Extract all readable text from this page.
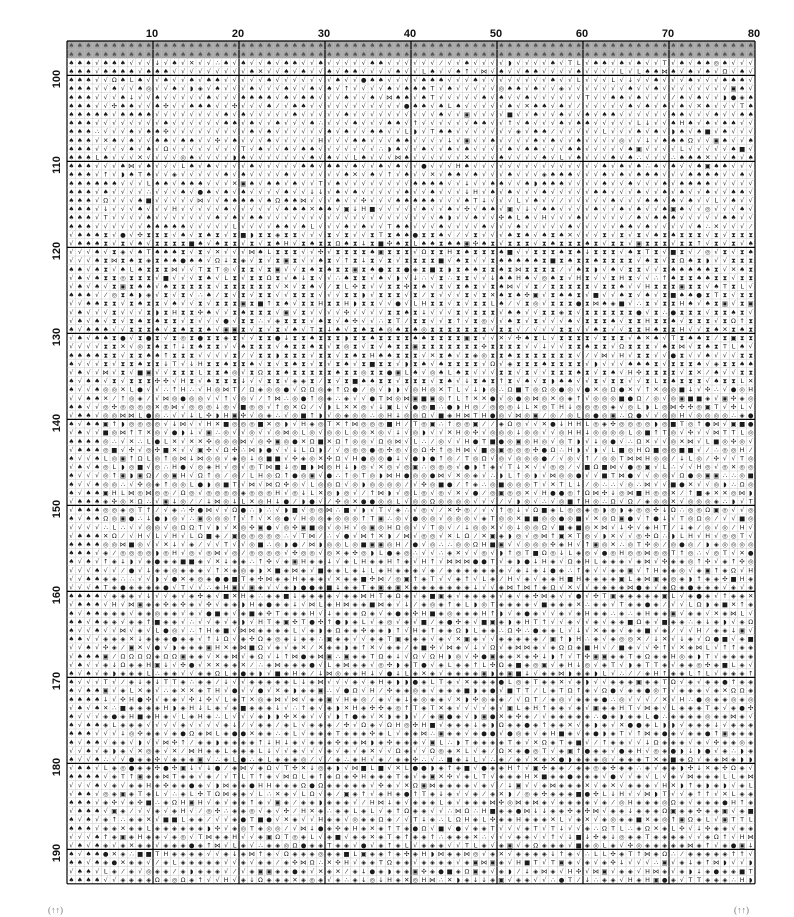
10	20	30	40	50	60	70	80
100
110
120
130
140
150
160
170
180
190
♠ ♠ ♠ ♠ ♠ ♠ ♠ ♠ ♠ ♠ ♠ ♠ ♠ ♠ ♠ ♠ ♠ ♠ ♠ ♠ ♠ ♠ ♠ ♠ ♠ ♠ ♠ ♠ ♠ ♠ ♠ ♠ ♠ ♠ ♠ ♠ ♠ ♠ ♠ ♠ ♠ ♠ ♠ ♠ ♠ ♠ ♠ ♠ ♠ ♠ ♠ ♠ ♠ ♠ ♠ ♠ ♠ ♠ ♠ ♠ ♠ ♠ ♠ ♠ ♠ ♠ ♠ ♠ ♠ ♠ ♠ ♠ ♠ ♠ ♠ ♠ ♠ ♠ ♠ ♠
♠ ♠ ♠ ♠ ♠ ♠ ♠ ♠ ♠ ♠ ♠ ♠ ♠ ♠ ♠ ♠ ♠ ♠ ♠ ♠ ♠ ♠ ♠ ♠ ♠ ♠ ♠ ♠ ♠ ♠ ♠ ♠ ♠ ♠ ♠ ♠ ♠ ♠ ♠ ♠ ♠ ♠ ♠ ♠ ♠ ♠ ♠ ♠ ♠ ♠ ♠ ♠ ♠ ♠ ♠ ♠ ♠ ♠ ♠ ♠ ♠ ♠ ♠ ♠ ♠ ♠ ♠ ♠ ♠ ♠ ♠ ♠ ♠ ♠ ♠ ♠ ♠ ♠ ♠ ♠
♠ ♠ ♠ √ ♠ ♠ ♠ √ √ √ ↓ √ ♠ √ ✕ √ √ ∴ ♠ √ ♠ √ √ ♠ √ ♠ ♠ √ √ ♠ √ √ √ √ √ ♠ ♠ √ √ √ √ √ √ ⁄ √ √ ♠ √ √ √ √ ◗ √ √ √ √ ♠ √ T L √ ♠ ♠ √ ♠ √ ♠ √ √ T √ ♠ √ ♠ ♠ ◎ ♠ √ √ √
♠ ♠ ♠ √ ♠ ♠ ♠ ♠ √ ♠ ♠ ♠ √ √ √ √ √ √ √ √ √ ♠ ✕ √ √ ♠ √ ♠ √ √ ♠ √ ♠ ♠ √ √ √ √ ♠ √ √ L ♠ √ √ ♠ ↑ √ ⋈ √ ♠ √ √ ♠ ♠ √ √ √ √ ♠ √ √ √ √ L √ L ♠ ♠ ⋈ ♠ √ ♠ √ ♠ √ Ω √ ♠ √
♠ ♠ ♠ √ √ Ω ♠ L ♠ √ √ ♠ √ √ ♠ √ ♠ ♠ √ √ √ √ √ ♠ √ √ √ √ √ √ √ ♠ √ √ ● ♠ ♠ √ √ √ √ ♠ ♠ ♠ √ √ √ ♠ √ √ √ √ √ √ √ √ ♠ √ √ L √ √ √ L √ ↓ √ √ ♠ √ √ √ ♠ √ √ √ ♠ ♠ ♠ √
♠ ♠ ♠ √ √ ♠ √ √ ♠ ◎ √ √ ♠ √ ◗ ◈ √ ♠ √ √ √ ♠ √ √ √ ♠ √ √ ♠ √ ♠ √ ↑ √ √ √ √ ♠ √ ♠ ♠ ♠ T √ ♠ √ √ √ √ √ ◎ ♠ ♠ √ ♠ √ √ ◈ √ √ √ √ √ √ √ ♠ √ √ ♠ √ √ √ √ √ √ √ √ ▣ ♠ √
♠ ♠ ♠ √ √ √ ♠ ↓ √ √ ♠ √ √ √ √ √ ♠ √ √ √ ♠ ♠ ♠ ♠ √ ♠ √ ♠ ♠ √ √ √ ♠ √ √ ♠ √ ⋈ ♠ ♠ √ ♠ T √ √ √ √ √ ♠ √ ♠ √ √ ♠ √ √ √ √ √ √ T √ √ ♠ ♠ √ ♠ √ √ √ ⁄ ♠ √ ♠ √ √ ◗ ● ◈ ♠
♠ ♠ ♠ √ √ ✣ ♠ ♠ √ √ ♠ ✣ √ √ ♠ ♠ ♠ √ √ ✣ √ √ √ ♠ ⁄ √ ♠ ♠ √ √ √ √ √ √ √ √ √ √ √ ● ♠ ♠ √ ♠ L ♠ √ √ √ √ √ ♠ √ ✕ ♠ ♠ √ ♠ √ ⁄ √ √ √ √ √ ♠ √ ♠ √ ♠ √ ♠ √ ✕ ♠ √ √ √ T ♠
♠ ♠ ♠ ♠ ♠ √ ♠ ♠ ♠ ♠ √ √ √ √ √ √ √ √ ♠ √ ♠ √ √ √ √ √ ♠ √ √ √ √ √ ♠ √ √ √ √ √ √ √ √ √ √ ♠ √ √ ▣ √ √ √ √ ■ √ √ ♠ √ √ ♠ √ √ ♠ √ ♠ ♠ √ √ √ √ √ √ ♠ ♠ √ √ √ ♠ √ √ ♠ ♠
♠ ♠ ♠ √ √ √ √ √ √ √ √ ♠ √ √ √ √ √ √ ♠ ♠ √ ♠ √ √ ♠ √ √ √ ♠ ∴ √ √ √ ♠ √ √ √ ♠ ♠ √ ↑ √ √ √ √ √ √ ♠ ♠ √ √ ↑ √ ♠ √ √ √ ♠ √ ♠ ♠ √ √ √ √ √ L ↓ √ √ ♠ H ♠ √ ♠ √ ♠ ♠ √ √
♠ ♠ ♠ ∴ √ √ √ ♠ √ ♠ ♠ ✣ √ √ √ √ √ √ √ √ √ ♠ √ ♠ √ √ √ √ √ √ ♠ √ ♠ √ √ ♠ ♠ √ √ L ◗ √ T ♠ ♠ √ √ √ √ √ √ √ ◈ √ ♠ ♠ ⁄ √ √ √ √ √ L √ √ √ ♠ √ ♠ √ ◗ ♠ √ ♠ ■ √ ♠ √ √ √
♠ ♠ ♠ √ ✕ ♠ √ ♠ √ √ ♠ ♠ √ ♠ ♠ √ √ ✣ √ ♠ √ √ √ ♠ √ √ √ √ √ H √ √ √ ♠ ♠ √ √ √ ♠ ♠ √ √ √ √ ↓ √ ▣ √ √ ♠ √ √ √ √ ♠ √ ♠ √ √ ♠ √ √ √ √ ◎ √ √ ↓ √ ♠ ♠ ♠ Ω √ √ ▣ ♠ √ √ ♠
♠ ♠ ♠ √ √ √ √ ♠ √ ♠ √ Ω √ √ √ √ √ √ √ √ T √ ♠ √ √ ♠ √ ♠ ♠ √ √ √ √ √ √ √ ∴ ◗ ♠ √ √ ♠ √ √ ♠ √ ♠ √ √ √ √ ♠ √ ♠ ♠ √ √ √ ♠ ♠ √ √ √ √ √ ♠ ▣ √ √ √ √ L √ √ √ √ √ ♠ ■ √
♠ ♠ ♠ L ♠ √ √ √ ✕ √ √ √ √ ◎ ♠ √ √ √ √ ◗ ♠ √ √ √ √ √ √ √ ♠ √ ♠ √ √ L ♠ √ √ √ ⋈ ♠ √ √ √ √ √ √ ✕ √ √ √ ♠ √ √ √ √ ♠ √ L √ ♠ √ √ √ ♠ √ ♠ ∴ √ √ √ ∴ ♠ ♠ ♠ ✕ √ √ ♠ √ ♠
♠ ♠ ♠ √ √ √ ♠ ⋈ √ ♠ √ √ √ L ♠ √ ♠ √ √ √ √ ♠ √ √ √ √ √ ♠ ♠ √ ♠ ♠ √ ♠ √ √ ♠ √ ♠ √ √ ● √ √ √ H ♠ √ √ √ √ √ √ √ √ √ √ √ √ √ √ √ ♠ √ ♠ √ ♠ ∴ ♠ √ ♠ √ √ ♠ ▣ ♠ ♠ √ √ √
♠ ♠ ♠ √ ↑ √ ◗ ♠ T ♠ √ √ ◈ √ √ √ √ √ ♠ √ ♠ √ √ √ √ ♠ √ √ √ √ √ √ ♠ ✕ √ ♠ √ ↑ √ ♠ √ √ ✕ √ ♠ ♠ √ ♠ √ √ √ ♠ √ √ √ ◈ ♠ ♠ ♠ √ √ √ ♠ √ ♠ √ ♠ ♠ ♠ √ √ √ ♠ ♠ ♠ ♠ √ √ ♠ √
♠ ♠ ♠ ♠ ♠ ♠ √ √ √ L ♠ ♠ √ ♠ ♠ ♠ √ √ √ ✕ ▣ ♠ √ ♠ ♠ √ ♠ √ √ T √ ♠ √ √ √ √ √ √ √ √ ♠ ♠ ♠ ♠ √ √ ↓ √ √ ♠ ♠ √ √ ♠ ◗ ♠ ♠ ♠ √ √ √ √ ♠ √ √ ♠ √ √ √ ♠ √ ♠ ♠ ♠ ♠ √ √ √ √ √
♠ ♠ ♠ √ ♠ √ √ √ √ ∴ √ √ √ ♠ √ ● ♠ √ ♠ √ ♠ √ √ √ √ ♠ √ √ ↓ ↓ √ ♠ √ ♠ √ √ √ √ √ ♠ √ √ ♠ √ √ √ ↓ H √ ♠ √ ♠ √ √ √ ♠ √ √ √ √ √ ♠ ♠ √ √ √ ♠ √ √ ♠ √ ♠ √ √ ♠ √ √ ♠ ♠ √
♠ ♠ ♠ √ Ω √ √ √ ♠ ■ √ √ √ √ √ ⋈ √ √ ♠ ♠ ♠ ♠ √ ♠ Ω ♠ ♠ ⋈ √ √ √ ♠ √ √ ✣ √ √ √ ♠ ♠ ♠ ♠ ♠ √ √ √ ♠ T ↓ √ √ √ L √ ♠ √ √ ⁄ √ √ √ √ √ ♠ √ √ √ ♠ ♠ √ ♠ √ ♠ √ √ L √ ♠ √ √
♠ ♠ ♠ √ ↓ √ √ √ ♠ √ √ √ H √ √ √ √ √ ♠ √ √ √ √ √ √ ♠ ♠ ♠ ✕ ♠ ♠ √ ▣ ↓ H ■ √ √ √ √ √ ♠ √ √ ♠ √ ✣ √ ♠ ♠ √ ▣ √ ↓ √ ♠ ♠ √ √ √ √ ♠ √ √ ♠ √ ♠ √ √ ♠ ▣ ♠ √ √ ◎ √ √ √ ♠ √
♠ ♠ ♠ √ T √ √ √ √ ♠ √ √ √ √ √ √ √ ♠ √ ♠ √ ♠ ♠ √ √ √ √ √ √ √ √ √ √ √ √ √ √ √ √ √ √ √ √ ♠ ◗ √ √ ♠ √ √ ✣ ♠ L ♠ √ H √ √ √ ♠ √ √ √ √ √ ⁄ ♠ √ ♠ ♠ ♠ √ √ √ √ √ ♠ ♠ √ √
♠ ♠ ♠ √ √ √ √ √ √ ♠ ♠ ♠ ♠ ♠ √ √ √ √ √ L √ √ √ √ ♠ ♠ √ ♠ L √ √ √ ♠ √ ♠ √ √ T ♠ ♠ √ √ √ ♠ √ √ √ √ ♠ √ √ √ ♠ √ √ √ √ √ ♠ √ √ √ √ √ ♠ ♠ √ ♠ √ √ √ √ √ ♠ ∴ ✕ √ √ √ ⁄
√ ♠ ♠ ♠ ⧗ √ ● √ ✣ ⧗ ⧗ ⧗ √ ♠ √ ⧗ ♠ ⧗ √ ⧗ ■ ◗ ⧗ ⧗ ◈ ⧗ ⧗ √ √ √ ⧗ √ ⧗ √ √ ⧗ T ⧗ ♠ ♠ ● ⧗ ⧗ ♠ √ ⁄ √ ⧗ √ √ √ ♠ ⧗ ♠ √ ♠ ⧗ ♠ ✕ √ √ √ ⧗ √ ⧗ √ ⧗ √ ♠ ⧗ ♠ ⧗ ⧗ ⧗ √ ⧗ √ ⧗ ⧗ ⧗
√ ♠ ♠ ♠ ⧗ √ ⧗ √ ♠ √ ⧗ ⧗ ⧗ ⧗ ■ ♠ √ ♠ ⧗ ⧗ √ ⧗ √ ⧗ ♠ H √ ⧗ ♠ ⧗ ⧗ Ω ♠ ⧗ ↓ ⧗ ■ ✣ ♠ ⧗ L ♠ ♠ ⧗ ♠ ♠ ▣ ✣ ♠ ⧗ √ ⧗ ⧗ ⧗ √ ⧗ ♠ ⧗ ⧗ ⧗ ♠ ⧗ √ ⧗ ⧗ √ ▣ ⧗ ⧗ ⧗ √ ⧗ ⧗ ↑ √ ⧗ √ ⧗ √ ♠
√ √ √ ♠ √ ⧗ ◈ √ ♠ T ♠ ♠ ♠ ⧗ √ ⧗ √ ✕ √ √ √ ⋈ ♠ L ⧗ ⧗ ⧗ √ √ ✣ √ ⧗ ⧗ ⧗ ⧗ ♠ ▣ ⧗ ⧗ ⧗ √ Ω ⧗ ⧗ H ⧗ ♠ ⧗ ⧗ ⧗ ♠ ■ √ √ ⧗ ⧗ ⧗ ♠ ⧗ ♠ ↓ ⧗ ⧗ ⧗ √ ♠ ⧗ T ⧗ √ ■ ⧗ √ ⁄ ◎ √ ⧗ √ ⧗ ♠
√ √ √ ♠ ⧗ ⋈ ⧗ ♠ ⧗ ◈ ⧗ ♠ ♠ ● ♠ ♠ √ Ω ↓ ⧗ ◈ √ ⧗ √ ⧗ ▣ ⧗ √ √ ♠ ⧗ √ ↑ ⧗ ↓ ⧗ √ ⧗ √ ⧗ ⧗ ⧗ ⧗ ■ √ ♠ ⧗ √ √ ⧗ ♠ ♠ ♠ ♠ ♠ ⧗ ■ ⧗ ♠ ⧗ ⧗ ♠ ⧗ ⧗ ⧗ ⧗ √ ♠ ⧗ √ ⧗ Ω ♠ ⧗ ◗ √ √ ⧗ ⧗ ⧗
♠ ♠ √ ♠ ⧗ √ ♠ L ♠ ⧗ ⧗ ⧗ ⋈ √ √ T ⧗ T ◎ √ ⧗ ⧗ √ ⧗ ▣ √ √ ⧗ ♠ ⧗ ♠ ⧗ ⧗ ▣ ⧗ ♠ ● ⧗ ⧗ ● ◈ ⧗ ■ ⧗ ◗ ⧗ ♠ ♠ ⧗ ⧗ ♠ ⧗ ⋈ ⧗ ⧗ ⧗ ⧗ ⁄ √ ♠ ⧗ ◗ √ ♠ √ ⧗ ⧗ √ √ ⧗ ♠ ♠ ♠ ♠ ♠ ⧗ √ ✕ ♠ ⧗
√ ♠ √ ♠ ⧗ ⧗ ◎ ⧗ ⧗ ⧗ √ ■ √ √ √ ⧗ ♠ √ L ⧗ √ ⧗ ⧗ Ω ⧗ √ ♠ ↓ ⧗ √ √ ∴ ♠ ⧗ ⧗ √ ♠ √ ◗ √ ↓ ∴ √ ⧗ ∴ ⧗ ⧗ √ √ ↓ ♠ ♠ H ♠ √ ◎ ♠ ⧗ √ H ⧗ √ √ ⧗ H ⧗ √ √ ∴ ↑ ♠ ⧗ ⧗ ♠ ♠ ⧗ ⧗ √ ⧗ ⧗
√ ♠ √ ♠ √ ⧗ ▣ ⧗ ♠ ♠ √ ♠ ⧗ ⧗ ⧗ ⧗ ⧗ √ ⧗ ⧗ ⧗ ⧗ ⧗ ⧗ √ ✕ √ ⧗ ♠ √ ⁄ ⧗ L ✣ ⧗ √ √ ⧗ ⧗ ✣ ⧗ ♠ √ ⧗ √ ⧗ ♠ ⧗ √ ⧗ ♠ ⋈ √ √ ⧗ ⁄ ⧗ ⧗ ⧗ ⧗ ⧗ √ ⧗ ⧗ ♠ √ √ H ⧗ ⧗ ⧗ ▣ ⧗ ⧗ √ ♠ T ⧗ L √
♠ ♠ ♠ √ ⁄ ◎ ⧗ ♠ ◗ ◈ √ ⧗ √ ⧗ √ ∴ ♠ ⁄ ⧗ √ ⧗ √ ⧗ ⧗ √ √ ⧗ ⧗ ⧗ √ √ √ ⧗ ⧗ ◗ √ ⧗ ⧗ ⧗ √ ⧗ ⁄ ⧗ √ √ √ ⧗ √ ⧗ ✕ ♠ ⧗ ♠ ✣ ▣ √ ⧗ ♠ ♠ ⧗ √ ■ √ √ ♠ ⧗ √ ♠ √ ⧗ ■ ♠ ♠ ● ⧗ T ⧗ √ ⧗ ⧗
√ √ ♠ ♠ ⧗ ⧗ √ ⧗ ♠ ⧗ ⧗ √ ♠ √ √ ⧗ √ ⧗ ⧗ ⧗ ▣ ⧗ ■ ↑ ⧗ ♠ √ ⧗ ⧗ H ⧗ ⧗ H ◗ ⧗ ⧗ √ √ ● √ L H ⧗ ⧗ √ ⧗ √ ⧗ ⧗ L ♠ ⁄ √ ⧗ ◎ √ ⧗ ⧗ ⧗ ● ⧗ ⋈ ♠ ◈ ■ √ ∴ ⧗ √ ⧗ ⧗ H ♠ √ ♠ ⧗ ▣ √ ⧗ ▣
√ ♠ √ √ √ ⧗ √ √ √ ⧗ ◗ ⧗ H ⧗ ⧗ ✣ ♠ √ √ ⧗ ♠ ⧗ ⧗ ⧗ √ ▣ √ ⧗ √ √ √ √ ✣ √ √ √ √ ⧗ ⧗ ♠ ⧗ ↓ √ √ √ ⧗ √ ⧗ ⧗ ⧗ √ ♠ ♠ √ √ ⧗ ⧗ ◈ ⧗ √ ⧗ ⧗ ⧗ ⧗ ⧗ ⧗ ● √ ⧗ ∴ ● ⧗ ⧗ ⧗ √ ⧗ ⧗ ♠ ⧗ √
√ ♠ √ ♠ √ ⧗ √ ⧗ ♠ ⧗ ♠ ⧗ ⧗ √ ⧗ √ √ √ ● √ ⧗ ⧗ ∴ √ ◈ ⧗ ⧗ ⧗ √ ♠ ⧗ √ ♠ ✣ √ √ ∴ ⧗ T ⁄ ⧗ ⧗ √ √ ⧗ ↑ √ ⧗ ◎ √ √ ♠ ⧗ √ ⧗ √ √ √ ♠ √ ⧗ ⧗ ⧗ ♠ √ ⧗ ⧗ H ⧗ ⧗ ♠ √ ⧗ ⧗ ⧗ √ ⧗ Ω ↑ ⧗
♠ √ ♠ ♠ ♠ √ √ ⧗ ⧗ ⧗ ♠ √ ⧗ ♠ ⧗ ⧗ ♠ √ ▣ ▣ ⧗ √ ⧗ √ ⧗ √ ♠ √ T ⧗ ↓ ♠ √ ⧗ ♠ ⧗ ♠ ◎ ♠ ⧗ ♠ ◎ ⧗ ⧗ ⧗ ⧗ ⧗ ⧗ ⧗ √ ⧗ ⧗ √ ⁄ √ √ √ ⧗ ⧗ √ √ ♠ ⧗ √ √ ⧗ ⧗ H ♠ ⧗ ⧗ H √ √ ⧗ ♠ ✕ ⧗ ♠ ⧗
√ ♠ √ ♠ ♠ ⧗ ● √ ⧗ ● ⧗ √ ⧗ ◎ ⧗ ● ⧗ ⧗ ◈ ⧗ √ √ ⧗ ⧗ ● ↓ ⧗ ⧗ ♠ ⧗ ⧗ ⧗ ◗ ⧗ ⧗ ♠ ⧗ ⧗ ⧗ ⧗ ♠ ♠ ⧗ ⧗ ⧗ ⧗ ▣ ⧗ √ √ ✕ √ ✣ ♠ ⧗ L √ ⧗ ⧗ ⧗ ⧗ √ ⧗ ⧗ ⧗ √ ♠ ✕ ♠ √ T ⧗ ♠ ♠ ⧗ ⁄ ⧗ ▣ ⧗ ⧗
√ √ √ √ ⧗ ⧗ ✕ √ ◎ ⧗ ♠ ⧗ ↑ ↓ ⧗ ♠ ⧗ ⧗ √ √ ♠ ⧗ ⧗ ⧗ √ ♠ ⧗ ⧗ ♠ ⧗ √ ⧗ ◎ ⧗ √ ⧗ √ ♠ ⧗ ⧗ ▣ ⧗ ⧗ ⧗ ⧗ ⧗ ⧗ ⧗ ✣ ⧗ ⧗ ⧗ ⧗ √ √ ↓ √ √ ⧗ ⧗ ♠ ⧗ ⧗ √ Ω ⧗ ⧗ ⧗ √ ♠ ⧗ ⋈ √ ⧗ ♠ ⧗ T L ♠ √
♠ ♠ ♠ ♠ ⧗ ⧗ √ ⧗ ⧗ ♠ ♠ ↑ ⧗ ⧗ ⧗ √ √ √ √ ⧗ ⁄ √ ⧗ ⧗ ◗ ⧗ ⧗ ⧗ √ ⧗ ⧗ √ ⧗ ♠ ⧗ H ♠ ♠ ⧗ ⧗ ⧗ √ ✕ ⧗ ♠ √ ⧗ ◈ ◎ ⧗ ⧗ ♠ ⧗ ⧗ ⧗ ⧗ ⧗ ⧗ ⧗ √ ⁄ √ ⋈ √ H √ ⧗ ⧗ √ √ ● ⧗ √ √ ♠ √ √ √ ⧗ ⧗
♠ √ √ √ ⧗ √ ⧗ ⧗ ♠ ⧗ ⧗ ↓ T √ ↓ H ⧗ ⧗ ♠ ⧗ ⧗ ♠ √ ⧗ √ ⧗ ♠ ⧗ √ ⧗ √ ⧗ ♠ √ ⧗ ■ ⧗ ⧗ √ ◗ ⧗ ♠ √ ♠ ⧗ ⧗ ⧗ ⧗ √ Ω √ ◈ ⧗ ⧗ ⧗ ♠ ⧗ ⧗ ⧗ ⧗ √ ◗ √ √ √ ♠ ♠ ♠ ⧗ √ ⧗ ⧗ ⧗ ♠ √ ◈ ⧗ ⧗ ♠ ♠
√ ♠ √ √ ⋈ √ ⧗ √ ■ ▣ √ √ ⧗ ⧗ ⧗ L ⧗ ⧗ ♠ ◎ √ ⧗ Ω ⧗ ⧗ ♠ ⧗ ⧗ ⧗ ⧗ ⧗ ♠ ⧗ ⧗ ◎ ⧗ ⧗ ● ▣ L ♠ √ ◎ ♠ L ♠ ⧗ √ √ √ ⧗ ⧗ √ ⧗ √ √ ⧗ ⧗ ⧗ ♠ ⧗ √ ⧗ ♠ √ H ✣ ⧗ ⧗ ⧗ ⧗ √ ⧗ ✕ ⁄ ♠ √ √ ⧗ ⧗
♠ √ ♠ ♠ √ ⧗ √ ⧗ ⧗ ⧗ ✣ ✣ √ H ⧗ √ ♠ ⧗ ⧗ ⧗ ↓ √ √ ⧗ ⧗ √ ◈ ◈ ⧗ ⁄ ⧗ √ ⧗ ■ ♠ ♠ ⧗ ⧗ √ ⧗ ⧗ ⧗ √ ⧗ ♠ √ ↓ ⧗ ♠ ⧗ ↑ ⧗ √ ♠ √ ⧗ ◗ ♠ ♠ √ √ ⧗ √ ⧗ ⧗ √ √ ⧗ L ⧗ ♠ ⧗ ⧗ ⧗ √ ♠ ⧗ ⧗ L ✕
♠ √ √ ♠ ◎ ◎ ✕ L ● √ √ ∴ ↑ H ∴ √ H ◎ ⋈ T ⁄ Ω ◈ ◎ ◎ ● √ Ω Ω ◎ ◈ ↑ Ω ● ⁄ ◎ √ ◗ ◗ √ ◎ H ◎ ✕ T L √ ↓ ◗ ◎ ∴ Ω ■ T ◎ Ω ◎ ● ◎ √ ● ✕ ◎ Ω ● ✕ √ ↑ ✕ ◎ ◎ ■ ↓ √ ✣ ∴ √ ● ◎ H
√ √ ♠ ♠ ✕ ⁄ ↑ ◎ ◈ ⁄ √ ⋈ ◎ ● ◎ ◎ √ √ ↑ √ ◎ √ ⁄ ↑ ⋈ ∴ ◎ ● ↑ ◎ ◈ ∴ ◈ √ √ ● T ⋈ ◎ ⋈ ▣ ■ ▣ ◎ ↑ L ↑ ✕ ✕ ● √ ◎ ● ◎ ⋈ ◎ ✕ ◎ ◈ ↑ √ ◎ ◎ ◎ ■ ● Ω ⁄ ◎ √ ◎ ▣ ■ ■ ◈ √ ▣ ✣ ◈ ◎
♠ ♠ √ √ ◎ ✣ ◎ ◎ ◎ ◎ ✕ ◎ ⋈ √ ◎ ◎ ◎ ↓ ◎ √ ■ ◎ ◎ √ ↑ ◎ ✕ Ω ⁄ √ ◗ L ✕ ✕ ◎ √ ↓ ▣ L √ ● ◎ ■ ∴ ● ◗ H ◎ ⁄ ◎ ◎ ◎ ↓ L ✕ ◎ T H ↓ ◎ ◎ ◎ ◎ ◈ √ ◎ L ◗ L ◎ ⋈ ✣ ✣ ◎ ▣ T √ ✣ L √
√ ♠ ♠ √ ◎ ◎ ⋈ ⋈ L ● ◎ ∴ √ √ ↓ L ✣ ◗ H ▣ ✣ √ ◎ ◈ ∴ √ ◎ ■ ↑ ◗ √ ◎ ◈ ◎ ◎ ∴ ◎ H ↓ ◎ ◎ Ω √ ■ ◈ H ⋈ T H ● ◎ √ ⋈ ◎ ▣ ⁄ ◎ ⁄ ◎ L ◎ ● ◎ ▣ ∴ Ω ● √ √ ◎ ◎ H √ ◎ ◎ ◎ ◎ ∴ ◈ ●
♠ √ ♠ ♠ ▣ ↑ ◗ ◎ ◎ ◎ ◎ √ ↓ ⋈ √ √ H ✕ ■ ◎ ◎ ◎ ■ ✕ ◎ ◗ √ H ◈ ◎ T ✕ ↑ ⋈ ◎ ◎ ◎ ■ H ⁄ T ◎ ▣ ∴ ↑ ◎ ◎ ▣ ⁄	⁄ ◈ Ω ◎ √ √ ✕ ● ↓ H H L ◎ ◈ ✣ ◎ ◎ ◎ ◎ ◗ ◎ ■ T ◎ ↑ ● ⋈ √ ▣ ■ ●
√ ♠ √ √ ■ ◎ ⋈ ↑ T ✕ ◎ √ ● ◗ ↓ √ ▣ ∴ ◎ √ √ ◎ √ √ ◎ ⋈ ◎ L ◎ √ ◎ ◎ L ◎ ◎ ✕ ◎ √ ↓ √ ◎ ◗ √ √ ✕ H ◎ ✣ √ ◎ ◎ ◎ ↓ ◎ ◎ √ √ ◎ H H ↓ ◎ ◎ ◎ ◎ L ◎ ■ ↑ T ◎ √ ✣ √ √ ⋈ T T L ◎
♠ ♠ ♠ ♠ ◎ ∴ √ ✕ ∴ L ● L ✕ √ ✕ ✕ ✣ ◎ ◎ ◎ ⋈ √ ◎ ✣ ▣ ◎ ● ✕ Ω ■ ✕ Ω ↑ ◎ ◎ √ Ω ◎ ⋈ √ L ∴ ⁄ ◎ √ √ H ● T ■ ● ◎ ▣ ◎ H ◎ √ ◎ T ◗ √ ↓ ◎ ● √ ∴ Ω ✕ √ √ ◎ ✕ ⋈ √ L ■ ◎ ✣ ◎ √
√ ♠ ♠ ♠ ◎ ■ √ ✣ √ ◎ ✣ ■ ✕ √ √ ▣ ✣ √ Ω ✣ ∴ ⋈ ◗ ● √ √ ↓ L Ω ◗ ⁄ √ ◎ ◎ ◎ ● ◎ ✣ ◎ √ ◎ Ω ✣ ↑ ◎ H ⋈ √ ■ ◎ ▣ ◎ ◎ ◎ ✣ ● Ω ∴ H ◗ √ ◗ √ L ■ ◎ H Ω ■ ◎ ◎ ■ ■ √ ⁄ ∴ ◎ ◎ H ⁄
♠ √ √ ♠ L ◎ ▣ ↑ Ω L ◎ ↑ ◎ ⋈ ↓ ⋈ ◎ ◎ √ ◈ ◎ ↓ ◎ ■ ■ √ ✣ ◈ ◎ ✕ ✣ Ω √ H ● ◎ ◎ ● ↓ √ ● ◗ ● ↑ ◎ ⁄ T ◎ Ω √ ◎ √ ◎ ◎ ◎ ● ⁄ √ ◎ √ ↑ ⁄ ◎ ◎ T ⋈ ⋈ H ◎ ◎ ⁄ ↓ L ◎ ⁄ ✣ √ √ T ◎
√ ♠ √ ♠ ◎ L ◗ ◎ ■ √ ◎ ∴ H ● √ ◎ ◈ H √ ◎ √ ◎ T ⋈ ■ ↓ ◎ ■ ◗ ⋈ ◎ H ↓ ◗ ◎ √ ✕ ◎ √ ◎ ▣ ∴ ◎ ◎ ◎ √ ● ◗ ↑ ◈ √ T ↓ ✕ √ √ ◎ ◎ ⁄ √ ■ Ω ■ ⋈ √ ● ◎ ▣ √ L ∴ √ √ H ◎ √ ◎ ✕ ◎ ◎
♠ √ √ √ ◎ ↑ ▣ ◗ ▣ Ω ⁄ ◎ ▣ H √ Ω ↑ ◎ ⁄ ◎ ⁄ L H ◎ Ω ↑ ● ◎ ▣ √ ● ∴ ↑ ◎ T ◎ ◗ ⋈ H ● ◎ ◎ ● ⋈ √ ✕ ◎ ◈ √ ∴ ◗ L ↑ ◎ ◗ √ ⋈ ◎ ◎ ● √ √ ■ T ⋈ ● √ √ ◎ ◎ √ Ω ● ◎ ▣ ▣ ∴ ∴ ◎ ■
♠ √ √ ♠ ◎ ◎ ∴ √ ✣ ◎ ◈ ↑ ◎ ◎ L ● ◗ ◎ ■ T √ ⋈ √ ⋈ Ω ✣ ◎ √ L ◎ ◎ Ω √ ◎ ◗ ◎ ◎ ◎ ◎ ⁄ √ ✣ ◎ ■ ● ⁄ ↑ ◈ ∴ ◎ ■ ◎ ◎ ◎ T √ ✕ T L ↓ ⁄ ◎ ∴ ∴ √ ◎ ∴ ⋈ √ √ ■ ● ✕ √ √ ◎ ◗ ∴ Ω ◎
♠ √ ♠ ♠ ▣ H L ⋈ ◎ ⋈ ◎ ◎ ⁄ Ω ◎ √ ◎ ◎ ◎ ◎ ◈ ◎ ◎ ◎ H √ ◎ ↓ L ✕ ◎ ◗ ◎ √ ⁄ ↑ ⋈ ◗ √ ◎ L ◎ √ ◎ √ ✕ √ ● ⁄ ◎ ▣ ◎ ◎ ✕ √ H ● ● ◎ ↑ Ω ⋈ ✣ ↓ ◎ ⋈ ■ H ◎ ◎ ✕ ⁄ ↑ ■ ◈ ✕ ✕ ◎ ⋈ ◗
√ ♠ ♠ ♠ ◈ ✣ ◎ ✕ Ω ∴ √ ▣ ↓ ◎ ⁄	⁄ ↓ ⋈ ◎ ↓ L ✕ ◎ H ↓ ● ⁄ ◗ ● √ ⁄ ✣ ◎ ✕ ● ● ◎ ◎ L √ ◎ ◎ Ω ◎ ◎ ◎ ◎ √ √ √ ⁄ √ ◗ ◎ √ ∴ √ ◎ ■ ↑ H ◎ ∴ Ω √ Ω ⁄ ◈ ◎ ◎ ✕ √ ◎ ◎ ◎ ◈ ∴ ◗ √ T
√ ♠ ♠ ♠ ◎ ◎ ◈ ◎ T ↑ ⁄ √ ◈ ∴ ✣ ● ⋈ √ √ Ω ● ∴ ◗ ∴ √ ◗ ■ √ ◎ ◎ ⋈ ∴ ■ √ ◗ √ T √ ◈ ∴ √ ◎ √ ⁄ ✕ ✣ ◎ ⁄ √ √ ↑ ◎ ↓ √ Ω ■ ◈ L ◎ ◎ ◈ ◎ ◗ ◎ ◗ ◈ ◎ ◎ ✣ ↓ Ω ∴ ◎ ◎ Ω ▣ ◎ √ √ ◎
♠ √ ♠ ♠ Ω ◎ ▣ ● ∴ ↓ ● ◗ ◎ √ ∴ ▣ ◎ ◎ ◎ ↑ √ ↑ √ ✕ ◎ ● √ H ◎ ◎ ◈ ◎ ◎ ◎ ↑ T ▣ ∴ ◎ √ ● ◎ ◎ √ ◎ ◎ ◎ √ ◈ T ◎ ◎ ✕ ■ ■ ◎ ◎ ● ◎ ■ √ ✕ ◎ Ω ▣ ● √ ↑ ● ↓ √ T ◎ Ω ◎ ⁄ √ √ ■ ◎
√ √ √ √ ∴ L ∴ √ √ ◎ ◎ √ ◎ Ω Ω T √ ◗ √ ✕ ◎ ✣ ▣ ● √ ◎ ✣ ▣ ■ ◎ √ ◎ H √ ◎ ▣ ◎ H Ω ◎ √ √ T ◎ √ ⁄ ↓ ◎ ◎ ✕ √ ◎ ↓ ◎ ◎ Ω √ ■ ◈ ■ ◎ ✕ ⋈ √ ↓ ✣ √ ◈ H T ⁄ ↓ ◈ ⁄ ◎ √ ◎ ⁄ H √
√ ♠ ♠ ♠ ✕ Ω ⁄ √ H √ L √ H √ L Ω ■ ◈ ⁄ ▣ ◎ ◎ ◎ ◎ ◎ ∴ √ T ⋈ ⁄ ∴ √ ● √ ⋈ ↑ ✕ ◗ ⁄ ⋈ √ ◎ ◎ √ ✕ L Ω ⁄ ✕ ▣ ◈ ◗ ◎ √ ◎ ⋈ ↑ ▣ ✕ T ◎ √ ◗ ✕ √ √ ◎ ✣ Ω ∴ ◗ L H √ H √ ◎ ◎ T √
♠ ♠ ♠ ♠ ◎ ◎ ⋈ ■ ◎ √ √ ✕ ↓ √ ◈ ⁄ √ √ T √ √ ◎ ■ ∴ ◎ ◗ ● ⁄ ⋈ ◗ ◎ ◎ L ◎ ■ ▣ ▣ ◎ H ⁄ ● √ ◎ ∴ ∴ ◎ ◎ Ω H ■ ▣ √ √ ◎ ◎ ◎ ✣ ◈ H √ ↑ ▣ ◎ ✕ ∴ ◎ T ✣ ◎ ⁄ ◎ ● ◎ ⁄ ◗ ◈ ◎ ◎ ◎ ◎
♠ ♠ ♠ √ ◈ ⁄ ◎ ◎ ◎ ◎ ◗ ◎ H √ ◎ √ ◎ ⋈ √ ◎ ⁄ ◎ ◎ ◎ ◎ √ ✣ ◎ ◎ √ ◎ ✕ ◈ ✣ ◎ ◗ L ● ◈ ◎ ∴ √ √ ∴ ◈ ✕ √ √ ◎ √ ◗ ↑ ◎ T ■ Ω ◎ ↓ L ◈ ◎ √ ● ◎ H ◎ ◎ ⋈ ◎ ◎ T ↑ ◎ ∴ √ ◎ T √ ✕ ●
♠ √ ♠ √ ↑ ◈ ↓ ◗ √ ◈ ● ◈ ◈ ■ ■ ◈ √ ✕ ↓ ◈ ◈ ∴ ↑ ✣ √ ◈ ▣ H ◈ ◈ ↓ √ ◈ L H ◈ ◈ H ↑ ◈ √ H ↑ √ ⋈ ⋈ ⋈ ● ● T √ ◈ ◗ ● ↓ H ◈ √ Ω ◈ H L ◈ ◈ ◈ √ ◈ ⋈ √ ✣ ◈ ◈ ◎ ↑ ✣ √ ◈ ↑ ✣ ◎
√ √ √ ♠ √ √ ⁄ ● √ ↓ ◈ ◈ ◎ ◈ ◈ ◈ √ ↑ ✕ ◈ ◎ ◈ ◗ ✕ ■ ◈ ⋈ ◈ √ ■ ◈ ◈ L ◈ ↓ L ◈ H ◈ ◈ ◈ √ ◈ ⁄ ◈ ◈ ◈ ◈ ◈ ◈ ◈ √ ◈ ↓ ◈ ↓ ● ◈ ∴ ↑ ◈ √ √ ◈ ◈ ▣ √ ↑ H ◈ ◈ ◎ √ ◈ ▣ ↑ ◈ Ω √ H
√ √ ♠ ♠ ◈ ◈ ∴ ∴ √ √ ◗ √ ● ✕ ◈ ◎ ◈ ● ● ■ T ◈ ✣ ⋈ ◈ ◈ H ◈ ◈ ◈ √ ✕ ◈ ◈ ■ ✣ ⋈ ⁄ ◎ ▣ ↑ ◈ T √ √ ◈ ↑ √ L ◈ ⁄ H √ ◈ √ ◈ ◈ H ■ H ◈ ◈ ◈ ◈ ▣ L ◈ ⋈ ▣ ◈ ◎ ◈ ◗ ↑ ◈ ◈ ✣ ■ H ◈
√ √ √ ♠ T ◈ ● ◈ ◈ ◈ ◈ ● √ T √ √ ∴ ◈ H ▣ √ ▣ ◈ √ √ ◈ ◗ ● ● ◈ ■ ↓ ◈ ◈ T ◈ ▣ ◈ ▣ ✕ ◈ ◈ ◈ ◈ ◈ ◈ ◈ ↓ √ √ ◈ ⋈ ↑ ⋈ ↑ ◈ Ω √ ✕ √ √ ◈ ◈ ◈ ◈ ⋈ ● ◈ √ ◈ Ω ◈ ● ◈ ◈ ◈ √ ◈ √ ◈
♠ ♠ ♠ ♠ √ ◈ ◈ ◈ √ ↓ √ √ ◈ √ ◈ ✣ ◈ √ ■ ✕ H ◈ ∴ ◈ ◈ ■ ↓ ◈ ◈ ◈ ◈ √ ◈ ◈ ⋈ H T ◈ Ω ◈ √ ◈ ■ ▣ ◈ √ ◈ ◈ ◈ ◈ √ ◈ √ ◈ ✣ ⋈ ◈ √ √ ● √ ✣ T ▣ ◈ ◈ ◈ ◈ ◈ ▣ L √ ◈ ● ◈ √ ↑ ◈ ◈ ✕
√ ♠ ♠ ♠ √ H √ ⋈ ▣ ◈ ◈ ✣ ◈ ✣ ◈ √ ✣ √ ◈ ◈ ◗ H ◈ ● ◈ ◈ ↓ √ ⋈ L ◈ H ⋈ ◈ ◈ ■ ⋈ ◈ √ ↓ ⁄ ◈ ◎ ◈ ↑ ◈ L ◗ ◎ T ◈ ◈ ◈ ◈ √ ■ ◈ ◈ ◈ ✕ ∴ ◈ ◈ √ T ◈ ◈ ● ◈ ⁄ √ √ L Ω ◗ ◈ ■ ✕ ↑ ◈
♠ √ ♠ ♠ ◈ ◈ ◈ √ ◈ ◈ ◎ ◈ ◈ √ ◈ √ ● ■ ◈ √ ◈ ■ ◈ ✣ T ◈ ◈ ◈ H √ ↓ ◈ ◈ ◈ Ω ◈ √ ◈ ● ◈ ✣ H ■ ◈ ◎ ◈ ◈ ◈ H ↑ ◗ √ ◈ ● ◈ √ √ ◈ √ ◈ H ◈ ◈ ∴ ◈ ∴ ◈ H ◈ ◈ ▣ √ ◈ ◈ √ ✕ ◈ ⋈ L √
♠ ♠ √ ♠ ◈ ◈ √ ◈ ◈ ↑ ■ ◈ ◈ √ ∴ √ √ ◈ √ ◈ ◗ √ H T ◈ ▣ ✣ T ● ✣ ↑ ● ◗ ◈ L √ ◈ ◎ √ ◈ √ ■ ⁄ ◈ ● ✣ ◈ √ ■ ▣ ◈ ◗ ◈ H T ↑ √ √ ◈ √ √ ◈ √ ◈ ◈ ■ Ω ◈ √ ■ ◈ ◈ ∴ ◈ ↓ ◈ ◗ √ ◈ Ω
♠ √ √ ♠ √ √ ⋈ √ ◈ √ L ● ◎ √ ∴ ↑ H ◈ ■ √ ⋈ ⋈ ◈ ◈ ◈ ◈ L √ ◈ ◗ ◈ Ω ◈ ◈ ✣ ◈ ◈ ◗ ↑ √ H ◈ ↑ ◈ ◈ Ω ◗ L ◈ ◈ ∴ Ω ✣ ∴ ● ◈ ◈ L √ ↓ √ ✕ ◈ ◈ √ ◈ ◈ ■ √ ◈ ⁄ √ √ H ⁄ ◈ ◈ ↓ ▣ √
♠ ♠ √ √ ◈ ◈ ◈ ✕ ↓ ◈ ◈ ◈ ● ◈ ◈ √ ↑ ↓ Ω √ ◈ ✣ Ω ◈ ◎ ◈ ↓ ◈ ◈ ∴ ▣ ◈ ◈ √ √ ◈ ◈ T ▣ ◈ ◈ ◈ √ ◈ √ ✕ ▣ ◈ √ √ ◈ ◈ ◈ ◈ ◈ ⁄ ▣ ↑ ◗ H ∴ ◈ √ ◈ ◎ ◎ ✕ ⁄ ↓ ✕ √ ↓ ◈ √ Ω ● ■ √ ◈ ■
√ √ ♠ √ ✣ ◈ ⁄ ▣ ✕ √ ● √ ◗ ◈ ◈ ◈ ▣ H ✕ ◈ ⋈ ■ Ω √ ◈ √ ◈ ✕ ⁄ ✕ ◈ ◈ ◗ ◈ ↑ ✕ √ ◈ ◈ ⁄ ◈ ■ ✣ √ ⋈ ◈ √ ↓ √ Ω √ ◈ ⋈ ⋈ ◈ √ ◈ Ω Ω ◈ ■ H √ ⁄ ■ ◈ √ √ ✣ ↑ √ ✕ ◈ ⋈ L √ ↑ ↑ ◈ ◈
√ ♠ ♠ ♠ ▣ ⁄ Ω Ω Ω Ω ◈ Ω Ω ▣ ◈ ◈ √ ✕ ◈ ⋈ √ ◈ Ω √ ↓ ↑ ⋈ ● ◈ ⋈ ▣ ∴ ▣ ◈ ◈ T Ω ◈ ↓ √ Ω √ Ω H ◗ ◎ √ ✣ ● ▣ ◈ ◈ ✕ ◈ ✣ ↓ ◗ ↑ √ T ✣ ▣ ▣ ◈ ◈ T ◈ Ω ◈ ◈ H ◎ ◈ ◗ T √ ◈ ◈ ◈ ◈
√ ♠ √ √ ◈ ↓ Ω ◈ ◈ H ▣ ↓ √ ✣ ● √ ✕ ✕ ◈ ◈ ✕ ⁄ ∴ ◈ ⋈ ◈ ◈ ◈ ● √ L ◈ ⋈ ◈ ◈ √ ◎ ✣ ◗ ◈ T ● √ ◈ L ◈ ◈ ↑ L ✣ Ω ◈ ■ ◈ ◎ ▣ √ ◈ H ↓ ◎ √ ◈ T √ ◗ ◈ T T ◈ √ ◈ ◈ ◎ ✣ ◈ ■ L ◈ √
♠ √ ♠ √ ◈ ◗ ◈ ◈ ◈ L ∴ ◈ ◈ √ √ ◈ ◈ Ω L ◈ ● ◈ ◗ √ ■ ◈ H ◈ ⁄ ↓ ⋈ ◎ ◈ ◈ H ↓ √ ● ↓ L ◈ ✕ ◈ √ ◈ ◈ ◈ ◈ ▣ ◗ ◈ ▣ ■ ↓ √ ◈ ◈ ⋈ ◗ ◈ ◈ ◗ L √ ∴ ⁄	⁄ ◈ H ↑ ◈ ◈ L ↑ L √ ◈ ◈ ◈ ↑
♠ √ √ √ T √ ⁄ ◈ ↓ ◈ ↓ T T ◈ ∴ ◈ ◈ ⁄ ↓ √ √ ◈ ◈ ◈ ◈ ◈ L ↓ ◈ ⋈ √ √ √ ◈ √ ◈ H ◈ ◗ ◗ ● ◈ L T ◈ √ ✕ ◈ ◈ ◈ ● L ◎ ◈ T ◈ ◈ ✕ √ ◈ ◗ √ √ ◈ ◈ ◈ ▣ ◈ ◈ T Ω √ ◈ √ ◈ ◈ ● ↑ ◈ ◈
♠ √ ♠ ♠ ▣ √ ◈ L ✕ ◈ √ ∴ ◈ ✕ ✕ ◈ T H √ ● √ √ ● √ ✕ ◈ ◗ ◈ ◈ ▣ ∴ √ ● Ω √ H ⁄ ✣ ◈ ◈ ◎ ◈ √ ◈ ◈ ◈ ■ ◗ ◈ ● √ ■ T T ⁄ L ◈ T Ω ↑ ◈ √ Ω ● √ ◈ ◈ ● ◎ T √ ◈ ◈ ◈ √ ◈ ✕ Ω Ω ◈
♠ ♠ ♠ ♠ ↓ √ ✣ H ● ✣ √ ◈ ◈ √ ✣ ↓ ✣ √ L ◈ T ✕ ◎ ◈ ⋈ √ ⋈ √ ◈ ◈ ▣ √ H ◈ ◎ ⁄ ◈ √ ◈ ↓ ◈ ◎ ◈ ◈ √ ✕ ◗ ✣ ◎ ◈ ◈ ⁄ √ Ω T ⁄ ◈ ◎ √ ◈ ◈ ◈ ● ∴ ◎ √ √ √ ⁄ ✕ √ H ∴ ● ◎ ◈ ◈ ◎ ◈ ◎
√ ♠ √ ♠ ✕ ∴ ■ ◈ ◈ ◈ ◈ H ◗ ◈ H ↓ L ◈ √ ◈ ■ ◈ ◈ ◈ ↓ √ ∴ ↑ ◈ √ ◈ ◗ ✕ H ◈ ✣ ✣ ◈ ◎ ↑ T ◈ T ✕ ◈ √ √ √ √ ◈ √ ▣ L ◈ H ↑ ◈ ◈ √ ◈ √ ▣ ◈ ◈ H T √ ⋈ ◈ √ L ◈ ◈ ◈ T ◈ √ ◈ ● ✣
♠ √ √ √ ◈ ● ◈ H ■ ◈ H ◈ √ L ◈ H ◈ ∴ L √ √ √ ◈ ◗ ◗ ✣ ✕ ◈ √ √ √ ◗ ↑ ● ◈ √ ✕ ◗ ◈ ◗ √ ⁄ ◈ ▣ ● ◈ √ ◗ ▣ ● ✕ ◈ ✣ ◈ ⁄ √ ◈ ◈ ◈ ◈ ◈ ∴ ● ◈ ◗ ◈ ◈ L ● ∴ ◈ ◈ ◈ ◈ ◎ ◈ ◈ ⋈ ◈ √
♠ √ ♠ ♠ ◈ L ◈ ◈ ◈ √ √ √ √ ◈ √ √ √ √ ◈ ↓ ⁄ √ ◈ ◈ ⁄ ◈ L √ ◈ ◈ ◈ ⁄ ✣ √ Ω ◈ √ Ω H ◎ ✣ H ■ √ ◈ ◈ ◈ ↓ ◈ ◗ Ω ◈ ◈ ● ◈ ↑ ◈ ◈ ✕ √ ◈ ◗ ◈ √ ✕ ● ● ◈ L ◗ ◗ √ ◈ ◈ ◈ ↓ √ ◈ ◈ ◈
♠ ♠ ♠ √ √ √ ↓ ◎ ✣ ◈ ◈ √ ◈ ● Ω ◈ ⋈ L ◈ ● ● ✕ ◈ ◈ ∴ ◈ L √ ◈ ◈ ◈ T ◈ ◈ ◈ ✣ ◈ L √ ◈ ◈ ⋈ ∴ ▣ ◈ ◈ √ ◈ ● ● √ ● ◎ ◈ √ ◈ H ■ ◈ √ ◈ ● ◗ ◈ T √ ↑ ⋈ ◈ ● ◈ √ ◈ ◈ ● ↑ ▣ ◈ ◈ ◈
♠ √ ♠ ♠ √ ◈ ◈ √ ◗ √ √ ⋈ ✣ ↑ ⁄ ◈ ◈ ◗ ◈ ◈ ◈ ◈ ↑ ↓ H ↓ ◈ √ ◈ ◈ ◈ ✣ ◈ ◈ ⋈ ◗ ◈ ✣ ◈ ◈ ◈ √ ▣ L ∴ ◗ T ◈ ◈ ◈ ◈ T ◈ √ ✕ Ω ◈ T ◈ ■ √ ⁄ ↑ ◈ ◈ √ √ ↓ Ω ◈ ◈ ◈ √ ◈ √ ✣ ◈ ◈ ◎ ◈
√ √ ♠ √ ◈ ◗ ◈ √ ✕ ◎ ◈ √ ✕ ⁄ ⋈ H ◈ ◈ L ◈ ◈ ◈ L ↓ √ √ ◈ √ √ √ ◈ √ ◈ √ ◈ ✕ √ √ Ω ◈ √ √ Ω ◎ ◈ ✕ L √ ◈ ⁄ Ω ✕ ◈ ● ◎ T √ ◈ ▣ ↑ ● ◈ ◈ √ ● ◈ H √ ◎ ◈ ● ◗ ↓ ◗ ● √ ◈ ∴ ◗ ◈
♠ √ √ ♠ ∴ √ √ ● ◈ ◈ ✣ √ ◈ ◈ ◈ ▣ √ ∴ ◈ L ● ∴ ◈ L ◈ ◈ ◈ ◎ ⁄ √ ⁄ ◈ ∴ ◈ H √ ◈ ⁄ ◈ ◈ ✣ ∴ √ ∴ ■ ◈ ↓ L √ ∴ ◈ ⁄ ◈ √ ✕ ◈ ✕ ● ◗ ◈ ◈ ◈ ◎ √ ◈ ◈ ◈ T ✕ ◈ ■ ◈ Ω √ ◈ ◈ ⋈ ◈ ◗ ◗
√ ♠ ♠ √ L ◈ ◎ ● ◈ ◈ ✣ ● ✣ ▣ ↓ √ ↓ ● ⁄ ◈ ⋈ √ ◈ Ω √ T ✣ ✕ ↓ ◎ ◈ ◗ √ ⋈ ■ L ■ √ ✕ L ● ● ◗ ◈ ↑ ◈ ■ √ ● ◈ ◈ H ↑ √ ▣ ✣ ◈ ◈ ⁄ ◈ ◈ ◎ ◈ ✣ ◈ ◈ ∴ ◈ √ ◈ ◈ ◗ ✣ ↓ ✕ ◈ ✣ Ω ◈ √
♠ ♠ ♠ ♠ √ ◈ T ↑ ▣ ◈ ◈ ⋈ T ◈ ◈ √ ◈ ⁄ √ T L T ↑ ◈ √ ⋈ Ω L ◈ ↑ ◈ Ω ◈ ✣ H ◈ ◈ ◈ T ◈ √ ◈ ▣ ✕ ✣ √ ◈ L T √ ◈ ◈ ◈ H ✕ ■ ◈ ◈ ● ◈ ◈ ◈ √ ● √ √ ◈ √ L √ ◈ √ ⋈ ◈ ◈ ◈ L L ◈ ⋈
√ √ √ ♠ √ ◈ √ ◈ ◈ H ◈ ✣ ◈ ◈ ● ◈ √ ◗ ⋈ ◈ ◈ ● H H ◈ ◈ ◈ Ω ● Ω ◈ ◈ ◈ ◈ ◈ √ ✣ ◈ √ ✕ Ω ▣ ⋈ ◈ ◈ ◈ ◈ √ ◈ √ ⁄ ↓ ▣ √ √ ◈ ⋈ ◈ ◈ ◈ ✕ √ ◈ ✕ √ ◈ ◈ ◈ √ H ✕ ◗ ↑ ◈ ◗ ◈ ◗ √ ◈ L
√ ♠ ♠ √ ◎ ◈ ▣ ◈ T ◈ L √ ∴ ◈ L ✣ T Ω ⋈ ◈ ◈ √ L ∴ ✕ ◈ √ L Ω √ ◈ ⁄ ▣ ◈ ↑ √ ◈ H ◈ ● ↑ T ◈ ↓ ◈ √ √ ◈ ⁄ ◈ ✕ ◗ ⁄ ◎ ◈ ✣ ◈ ◈ ◈ ■ ● ✣ L ↓ H √ √ ⋈ ◗ T √ √ ◈ ↑ ↑ √ ✕ L ◈ ◈
♠ ♠ ♠ √ ◈ ✣ √ ◈ ✣ ■ ∴ ◈ Ω H ▣ H √ ◈ √ ◈ ◈ ↑ ◈ √ ▣ ◈ ⁄ ◈ ◈ ◗ ◈ ◈ ◈ √ ⁄ H ⋈ ↓ ◈ √ ◈ ◈ ◈ L ◈ √ ◈ ◈ ◈ ⋈ ✣ ◎ ⋈ ◈ ⋈ ◈ √ ◈ ◈ ◈ ◈ √ ◈ ⁄ ◎ H ◈ ◈ ◈ ◎ Ω ◈ √ ◈ ◈ ◈ ● H ↑ ◈
√ ♠ ♠ ♠ √ ▣ ◈ ⁄ √ √ ◈ √ ◈ H √ ⁄ ◎ ✣ ∴ ◈ ◈ ◎ √ ◈ √ ✣ ⁄ H ✕ ◈ ∴ ◈ ◈ L ◈ L √ ◈ ↑ Ω ◈ ◈ √ √ ∴ ⋈ Ω ∴ H ■ ◈ ◈ ● ⋈ ↓ ↓ ◈ ◈ ✣ ◈ ✣ ⋈ √ ◈ ◈ ↓ ◈ ◈ ◈ Ω ▣ ◈ ◈ ✣ ◈ ◈ ▣ √ ◈ ■
♠ √ ♠ √ ◈ ↑ ∴ ◈ ◈ ✕ √ ■ ■ L ◈ ◈ ⁄ √ √ ◈ ● T ■ ● √ ✕ ◈ √ √ H ◈ ◈ √ ◎ ◈ ◈ Ω ◈ ⁄ √ T ↓ ◈ ∴ L Ω H ◈ L ✣ ◈ ◈ H ◈ ◈ ◈ ✕ L √ ◈ ✕ √ ◈ ◎ ◈ ◈ ■ ✕ ◈ ◎ ↑ ▣ Ω ◈ L √ ▣ T T L
♠ ♠ ♠ √ ◈ ◈ ✕ ◈ ◈ L ◈ ◈ ◈ ◈ ◈ ◈ ◗ ✣ √ ◈ ◎ T ◈ ◎ ◎ ⁄ √ ⋈ ↓ ● ◈ ✣ ◈ H ◈ ✕ ◈ ↑ T ◈ ● Ω √ ■ √ ● √ ◈ ◈ T √ √ √ ◈ T √ T ↓ √ √ ◈ ∴ Ω T L ∴ ◈ Ω ✕ ◈ L ✣ √ ↓ ✣ ◈ ◈ √ ◈ ◈
√ √ √ ♠ ↑ ◈ ▣ ◈ H ◈ ◈ √ ◈ ◎ √ T ⋈ ◈ ◈ H √ √ ◈ ▣ Ω T ◎ ◈ L √ ◈ ■ √ ◈ ◈ ✕ ◈ T ◈ ↑ ◈ ◈ ↑ ∴ ◈ ◈ ◈ ✕ ∴ √ √ √ ◈ ◈ √ √ ↑ √ ↓ ■ ↓ ✣ ◈ ↓ ◎ ◈ ◈ T ◈ ◈ ◈ ◈ √ √ ◈ Ω ↑ √ H ⋈
√ ♠ √ ♠ ◈ √ ◈ ✕ ◈ ◈ √ ◈ ◈ ◈ ● ◈ ↑ ⋈ √ L ◈ √ ∴ ◈ ◈ ◎ Ω ● ◈ ◈ T ◈ ◈ √ ● √ ◈ ↑ ◈ L √ ◈ ◈ ◈ √ √ T L ◈ √ ◈ ▣ √ ◈ Ω ◈ ◈ ◈ √ ■ ◈ ◎ L ◈ √ ✣ ◎ ◈ ◈ ◈ ◈ ◈ ⋈ ◈ ↑ √ ◈ ● ▣ ↓
♠ √ ♠ ♠ ● ✕ ◈ ∴ ■ ■ T H ◈ ◈ ◈ ◈ √ √ ◈ ↓ ◈ ⋈ ↑ ◈ √ Ω ◈ ◈ ◈ ◎ ◈ ◈ ■ L ▣ ◈ ◈ ↑ ◈ ✣ ◈ H ◗ ⋈ ◈ ◈ ⋈ ◎ √ ◈ ✕ √ ◈ ◈ ◈ ◈ ↓ ↑ ◈ √ ∴ L L ✣ ◈ T ↑ ⋈ ◈ Ω ∴ ⁄ ◈ ◈ ◈ ◈ ◈ ↑ ↑ √
♠ ♠ √ ♠ ◈ ● ✕ ◈ ◈ √ ⁄ ◈ L ◈ ◈ ◈ ◈ ◈ √ √ ◈ √ ◈ ◈ ⁄ ◈ ✣ ⋈ Ω ∴ ✕ ✣ H √ ◈ ◈ T Ω ◈ ◈ √ ◈ ◈ ◈ ◈ √ ◈ ▣ ⋈ ▣ ◈ √ H ■ T √ T ▣ ◈ √ ◈ √ ◈ ✣ ↓ √ √ √ ∴ ▣ √ ◈ ↓ ◈ ↑ ⋈ ◗ √ √ ◗
√ ♠ ♠ √ L ◈ ⁄ ◈ √ ◎ ◈ ◈ ⁄ ◈ ◗ ◈ ◈ ◈ √ ⁄ √ ◈ ▣ ▣ ◈ ◈ ● ◈ √ ✕ ◈ ✕ ⁄ ◈ ↓ ● ◈ ◗ ◈ ◈ ▣ ✣ ◈ ● ■ ◈ Ω ▣ ◈ √ ◈ ◗ ⁄ ↓ ◈ ⋈ ◈ √ H ✣ √ ⋈ ▣ √ ◈ ◈ √ H ⋈ ◈ √ ◈ ◗ ↓ ◈ ● ◈ ◈ ■ T
♠ ♠ ♠ ♠ √ √ ◈ ◈ ◈ ◈ Ω ◈ ◎ Ω ◈ ↑ √ √ H √ ◈ ↓ Ω ◈ ◈ ◈ ✕ ◈ ◎ ◈ √ ◈ ∴ ◈ ↓ ◎ ↓ H ◈ ✕ ◎ H ⋈ ∴ ✕ ◗ ◈ ↓ ↓ ◈ ▣ √ ◈ ◈ √ √ ∴ ● T ⁄ ↓ ∴ ◈ ◈ √ H ◈ H ▣ ● ◈ √ T T ◈ ◈ ◈ ∴ H ◗
(↑↑)	(↑↑)
